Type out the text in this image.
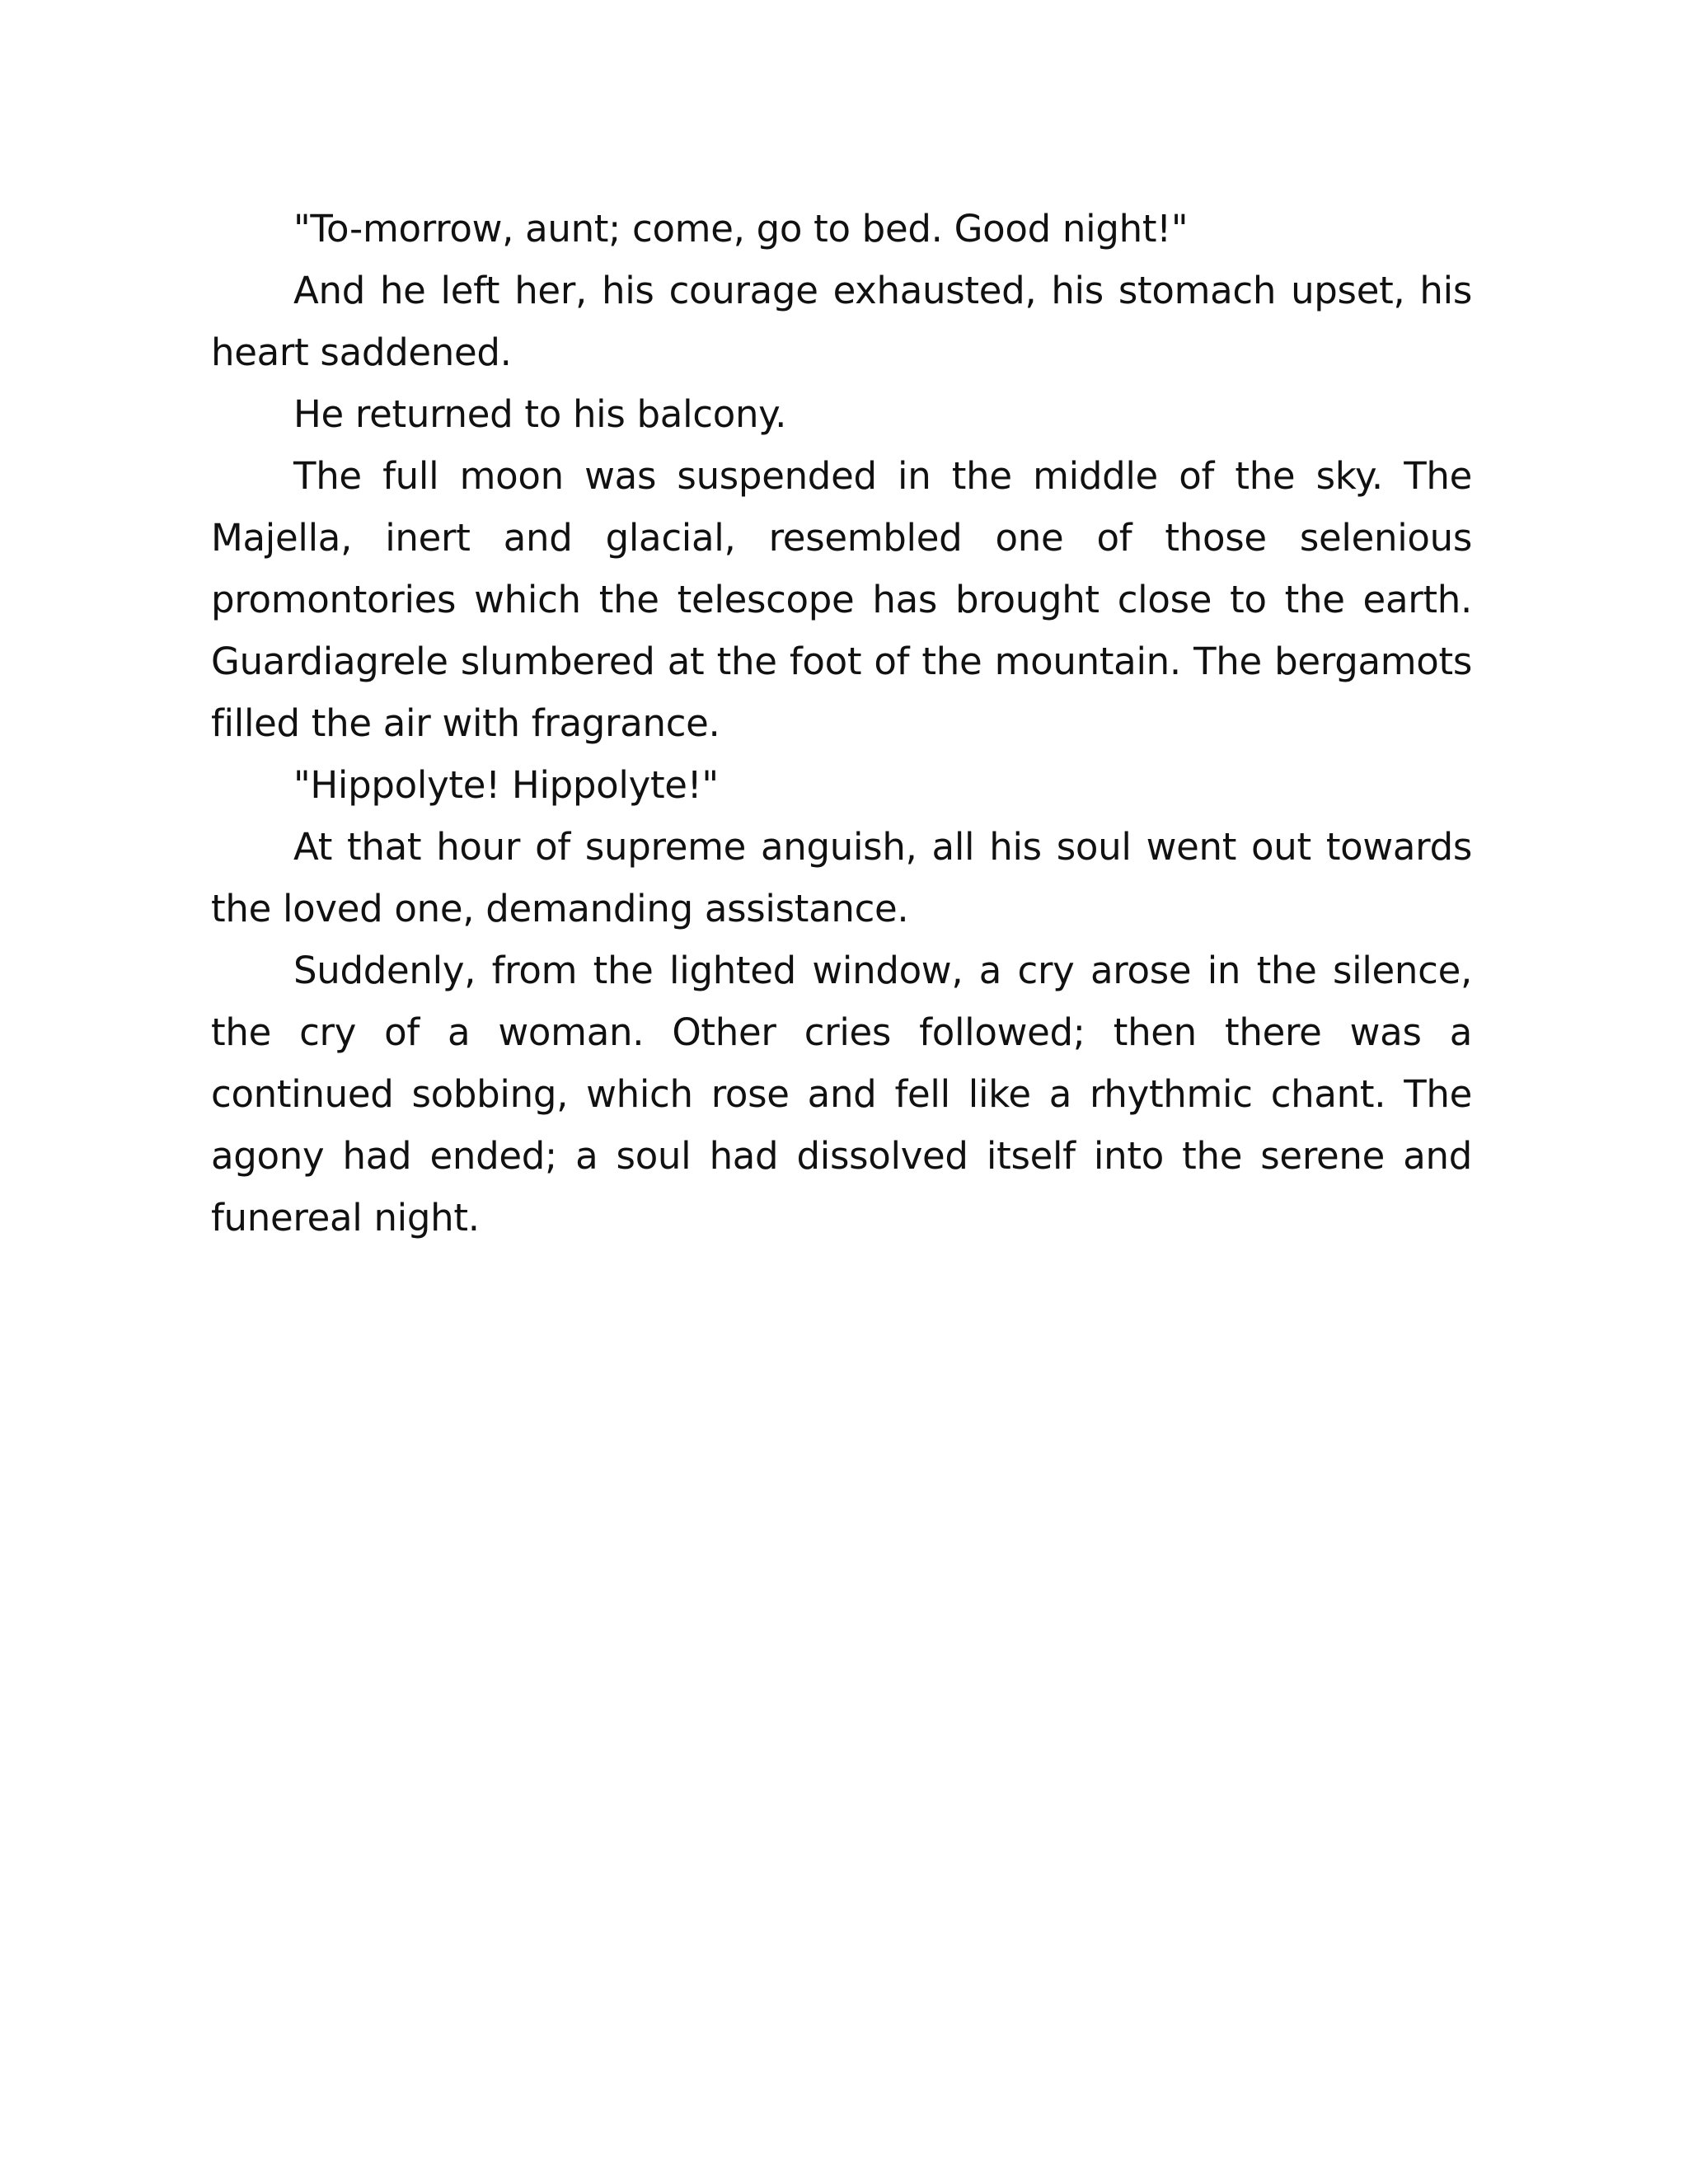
"To-morrow, aunt; come, go to bed. Good night!"

And he left her, his courage exhausted, his stomach upset, his heart saddened.

He returned to his balcony.

The full moon was suspended in the middle of the sky. The Majella, inert and glacial, resembled one of those selenious promontories which the telescope has brought close to the earth. Guardiagrele slumbered at the foot of the mountain. The bergamots filled the air with fragrance.

"Hippolyte! Hippolyte!"

At that hour of supreme anguish, all his soul went out towards the loved one, demanding assistance.

Suddenly, from the lighted window, a cry arose in the silence, the cry of a woman. Other cries followed; then there was a continued sobbing, which rose and fell like a rhythmic chant. The agony had ended; a soul had dissolved itself into the serene and funereal night.
